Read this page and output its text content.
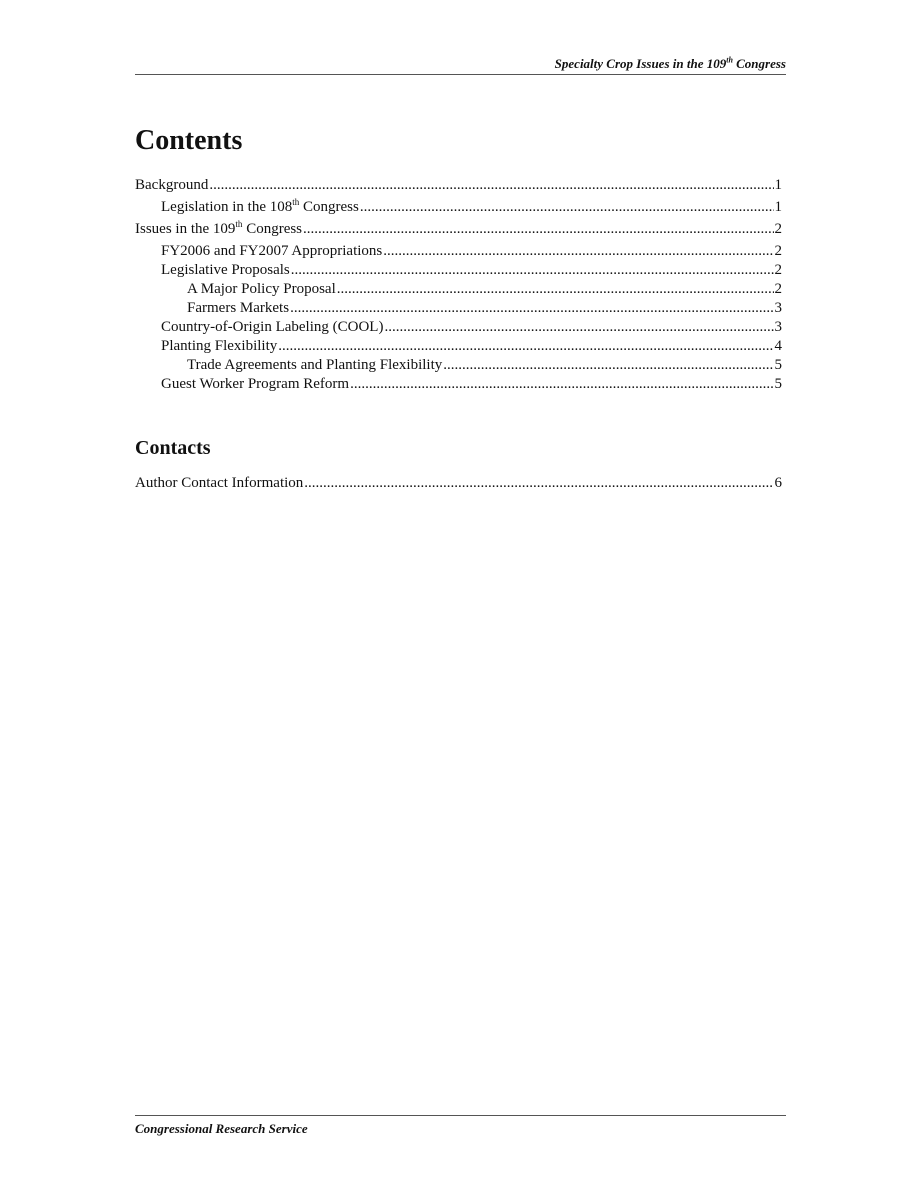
Specialty Crop Issues in the 109th Congress
Contents
Background .....	1
Legislation in the 108th Congress .....	1
Issues in the 109th Congress .....	2
FY2006 and FY2007 Appropriations .....	2
Legislative Proposals .....	2
A Major Policy Proposal .....	2
Farmers Markets .....	3
Country-of-Origin Labeling (COOL) .....	3
Planting Flexibility .....	4
Trade Agreements and Planting Flexibility .....	5
Guest Worker Program Reform .....	5
Contacts
Author Contact Information .....	6
Congressional Research Service
